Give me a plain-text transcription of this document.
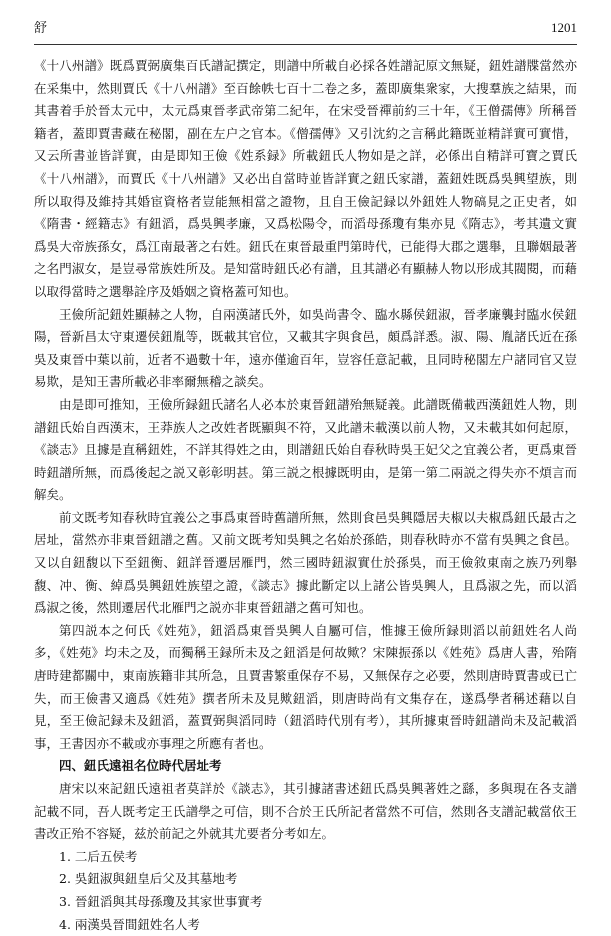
舒	1201

《十八州譜》既爲賈弼廣集百氏譜記撰定，則譜中所載自必採各姓譜記原文無疑，鈕姓譜牒當然亦在采集中，然則賈氏《十八州譜》至百餘帙七百十二卷之多，蓋即廣集衆家，大搜羣族之結果，而其書着手於晉太元中，太元爲東晉孝武帝第二紀年，在宋受晉禪前約三十年，《王僧孺傳》所稱晉籍者，蓋即賈書藏在秘閣，副在左户之官本。《僧孺傳》又引沈約之言稱此籍既並精詳實可實惜，又云所書並皆詳實，由是即知王儉《姓系録》所載鈕氏人物如是之詳，必係出自精詳可寶之賈氏《十八州譜》，而賈氏《十八州譜》又必出自當時並皆詳實之鈕氏家譜，蓋鈕姓既爲吳興望族，則所以取得及維持其婚宦資格者豈能無相當之證物，且自王儉記録以外鈕姓人物碻見之正史者，如《隋書・經籍志》有鈕滔，爲吳興孝廉，又爲松陽令，而滔母孫瓊有集亦見《隋志》，考其遺文實爲吳大帝族孫女，爲江南最著之右姓。鈕氏在東晉最重門第時代，已能得大郡之選舉，且聯姻最著之名門淑女，是豈尋常族姓所及。是知當時鈕氏必有譜，且其譜必有顯赫人物以形成其閥閱，而藉以取得當時之選舉詮序及婚姻之資格蓋可知也。

王儉所記鈕姓顯赫之人物，自兩漢諸氏外，如吳尚書令、臨水縣侯鈕淑，晉孝廉襲封臨水侯鈕陽，晉新昌太守東遷侯鈕胤等，既載其官位，又載其字與食邑，頗爲詳悉。淑、陽、胤諸氏近在孫吳及東晉中葉以前，近者不過數十年，遠亦僅逾百年，豈容任意記載，且同時秘閣左户諸同官又豈易欺，是知王書所載必非率爾無稽之談矣。

由是即可推知，王儉所録鈕氏諸名人必本於東晉鈕譜殆無疑義。此譜既備載西漢鈕姓人物，則譜鈕氏始自西漢末，王莽族人之改姓者既顯與不符，又此譜未載漢以前人物，又未載其如何起原，《談志》且據是直稱鈕姓，不詳其得姓之由，則譜鈕氏始自春秋時吳王妃父之宜義公者，更爲東晉時鈕譜所無，而爲後起之説又彰彰明甚。第三説之根據既明由，是第一第二兩説之得失亦不煩言而解矣。

前文既考知春秋時宜義公之事爲東晉時舊譜所無，然則食邑吳興隱居夫椒以夫椒爲鈕氏最古之居址，當然亦非東晉鈕譜之舊。又前文既考知吳興之名始於孫皓，則春秋時亦不當有吳興之食邑。又以自鈕馥以下至鈕衡、鈕詳晉遷居雁門，然三國時鈕淑實仕於孫吳，而王儉敘東南之族乃列舉馥、冲、衡、綽爲吳興鈕姓族望之證，《談志》據此斷定以上諸公皆吳興人，且爲淑之先，而以滔爲淑之後，然則遷居代北雁門之説亦非東晉鈕譜之舊可知也。

第四説本之何氏《姓苑》，鈕滔爲東晉吳興人自屬可信，惟據王儉所録則滔以前鈕姓名人尚多，《姓苑》均未之及，而獨稱王録所未及之鈕滔是何故歟？宋陳振孫以《姓苑》爲唐人書，殆隋唐時建都關中，東南族籍非其所急，且賈書繁重保存不易，又無保存之必要，然則唐時賈書或已亡失，而王儉書又適爲《姓苑》撰者所未及見歟鈕滔，則唐時尚有文集存在，遂爲學者稱述藉以自見，至王儉記録未及鈕滔，蓋賈弼與滔同時（鈕滔時代別有考），其所據東晉時鈕譜尚未及記載滔事，王書因亦不載或亦事理之所應有者也。

四、鈕氏遠祖名位時代居址考

唐宋以來記鈕氏遠祖者莫詳於《談志》，其引據諸書述鈕氏爲吳興著姓之繇，多與現在各支譜記載不同，吾人既考定王氏譜學之可信，則不合於王氏所記者當然不可信，然則各支譜記載當依王書改正殆不容疑，兹於前記之外就其尤要者分考如左。

1. 二后五侯考
2. 吳鈕淑與鈕皇后父及其墓地考
3. 晉鈕滔與其母孫瓊及其家世事實考
4. 兩漢吳晉間鈕姓名人考
